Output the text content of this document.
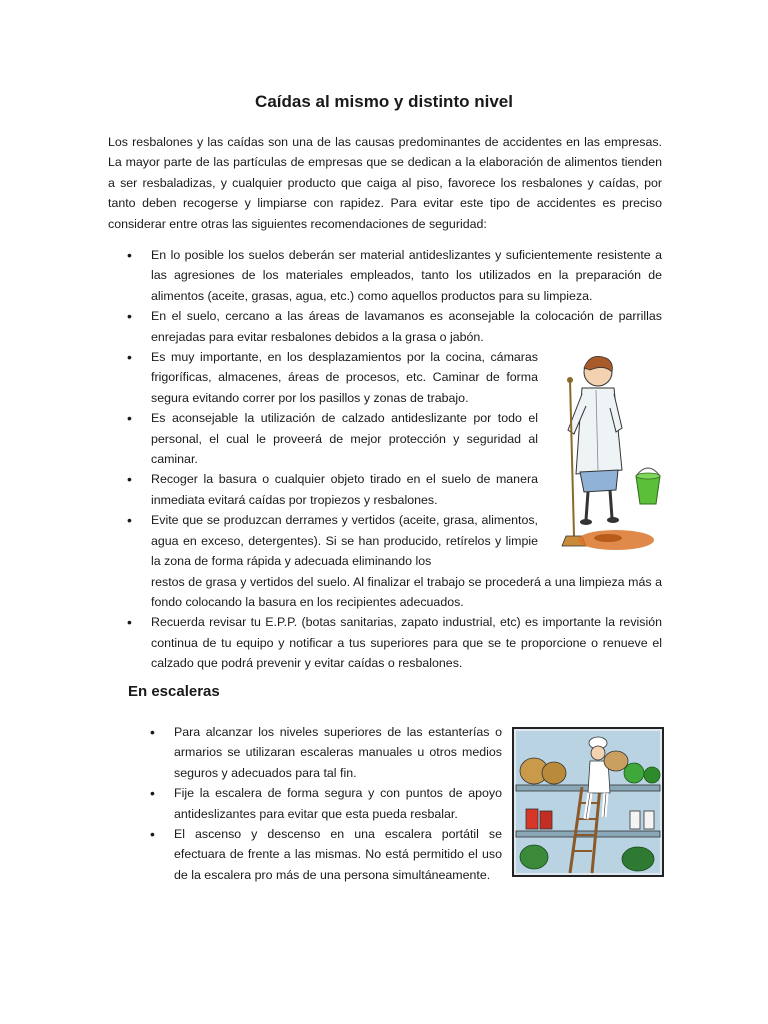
Caídas al mismo y distinto nivel

Los resbalones y las caídas son una de las causas predominantes de accidentes en las empresas. La mayor parte de las partículas de empresas que se dedican a la elaboración de alimentos tienden a ser resbaladizas, y cualquier producto que caiga al piso, favorece los resbalones y caídas, por tanto deben recogerse y limpiarse con rapidez. Para evitar este tipo de accidentes es preciso considerar entre otras las siguientes recomendaciones de seguridad:

• En lo posible los suelos deberán ser material antideslizantes y suficientemente resistente a las agresiones de los materiales empleados, tanto los utilizados en la preparación de alimentos (aceite, grasas, agua, etc.) como aquellos productos para su limpieza.
• En el suelo, cercano a las áreas de lavamanos es aconsejable la colocación de parrillas enrejadas para evitar resbalones debidos a la grasa o jabón.
• Es muy importante, en los desplazamientos por la cocina, cámaras frigoríficas, almacenes, áreas de procesos, etc. Caminar de forma segura evitando correr por los pasillos y zonas de trabajo.
• Es aconsejable la utilización de calzado antideslizante por todo el personal, el cual le proveerá de mejor protección y seguridad al caminar.
• Recoger la basura o cualquier objeto tirado en el suelo de manera inmediata evitará caídas por tropiezos y resbalones.
• Evite que se produzcan derrames y vertidos (aceite, grasa, alimentos, agua en exceso, detergentes). Si se han producido, retírelos y limpie la zona de forma rápida y adecuada eliminando los
restos de grasa y vertidos del suelo. Al finalizar el trabajo se procederá a una limpieza más a fondo colocando la basura en los recipientes adecuados.
• Recuerda revisar tu E.P.P. (botas sanitarias, zapato industrial, etc) es importante la revisión continua de tu equipo y notificar a tus superiores para que se te proporcione o renueve el calzado que podrá prevenir y evitar caídas o resbalones.
En escaleras
• Para alcanzar los niveles superiores de las estanterías o armarios se utilizaran escaleras manuales u otros medios seguros y adecuados para tal fin.
• Fije la escalera de forma segura y con puntos de apoyo antideslizantes para evitar que esta pueda resbalar.
• El ascenso y descenso en una escalera portátil se efectuara de frente a las mismas. No está permitido el uso de la escalera pro más de una persona simultáneamente.
